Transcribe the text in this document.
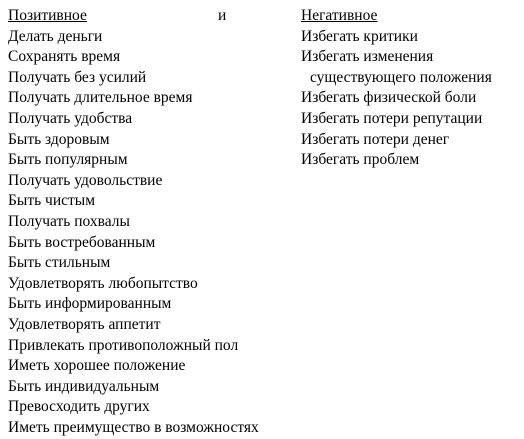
Позитивное
Делать деньги
Сохранять время
Получать без усилий
Получать длительное время
Получать удобства
Быть здоровым
Быть популярным
Получать удовольствие
Быть чистым
Получать похвалы
Быть востребованным
Быть стильным
Удовлетворять любопытство
Быть информированным
Удовлетворять аппетит
Привлекать противоположный пол
Иметь хорошее положение
Быть индивидуальным
Превосходить других
Иметь преимущество в возможностях
и	Негативное
Избегать критики
Избегать изменения
существующего положения
Избегать физической боли
Избегать потери репутации
Избегать потери денег
Избегать проблем
